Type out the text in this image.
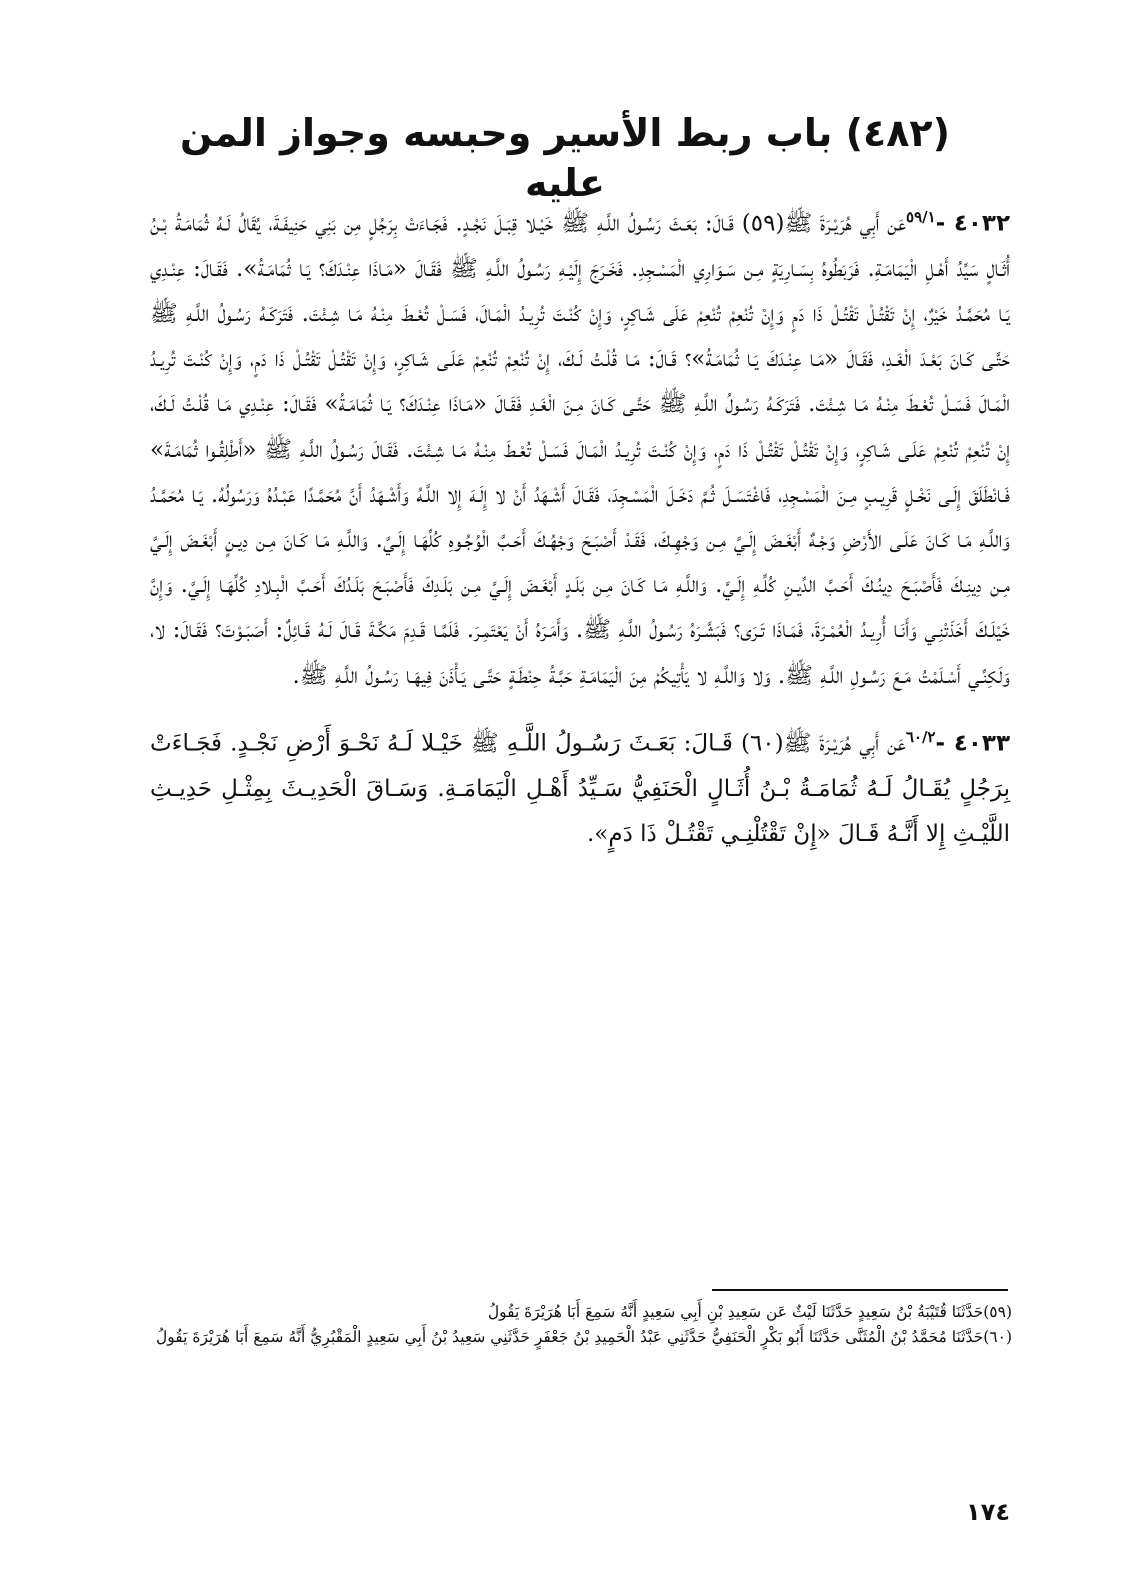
(٤٨٢) باب ربط الأسير وحبسه وجواز المن عليه

٤٠٣٢ -$^{٥٩/١}$عَن أَبِي هُرَيْـرَةَ ﷺ(٥٩) قَـالَ: بَعَـثَ رَسُـولُ اللَّـهِ ﷺ خَيْـلا قِبَـلَ نَجْـدٍ. فَجَـاءَتْ بِرَجُلٍ مِن بَنِي حَنِيفَـةَ، يُقَالُ لَـهُ ثُمَامَـةُ بْـنُ أُثَـالٍ سَيِّدُ أَهْـلِ الْيَمَامَـةِ. فَرَبَطُوهُ بِسَـارِيَةٍ مِـن سَـوَارِي الْمَسْـجِدِ. فَخَـرَجَ إِلَيْـهِ رَسُـولُ اللَّـهِ ﷺ فَقَـالَ «مَـاذَا عِنْـدَكَ؟ يَـا ثُمَامَـةُ». فَقَـالَ: عِنْـدِي يَـا مُحَمَّـدُ خَيْرٌ، إِنْ تَقْتُـلْ تَقْتُـلْ ذَا دَمٍ وَإِنْ تُنْعِمْ تُنْعِمْ عَلَى شَـاكِرٍ، وَإِنْ كُنْـتَ تُرِيـدُ الْمَـالَ، فَسَـلْ تُعْـطَ مِنْـهُ مَـا شِـئْتَ. فَتَرَكَـهُ رَسُـولُ اللَّـهِ ﷺ حَتَّـى كَـانَ بَعْـدَ الْغَـدِ، فَقَـالَ «مَـا عِنْـدَكَ يَـا ثُمَامَـةُ»؟ قَـالَ: مَـا قُلْـتُ لَـكَ، إِنْ تُنْعِمْ تُنْعِمْ عَلَـى شَـاكِرٍ، وَإِنْ تَقْتُـلْ تَقْتُـلْ ذَا دَمٍ، وَإِنْ كُنْـتَ تُرِيـدُ الْمَـالَ فَسَـلْ تُعْـطَ مِنْـهُ مَـا شِـئْتَ. فَتَرَكَـهُ رَسُـولُ اللَّـهِ ﷺ حَتَّـى كَـانَ مِـنَ الْغَـدِ فَقَـالَ «مَـاذَا عِنْـدَكَ؟ يَـا ثُمَامَـةُ» فَقَـالَ: عِنْـدِي مَـا قُلْـتُ لَـكَ، إِنْ تُنْعِمْ تُنْعِمْ عَلَـى شَـاكِرٍ، وَإِنْ تَقْتُـلْ تَقْتُـلْ ذَا دَمٍ، وَإِنْ كُنْـتَ تُرِيـدُ الْمَـالَ فَسَـلْ تُعْـطَ مِنْـهُ مَـا شِـئْتَ. فَقَـالَ رَسُـولُ اللَّـهِ ﷺ «أَطْلِقُـوا ثُمَامَـةَ» فَـانْطَلَقَ إِلَـى نَخْـلٍ قَرِيـبٍ مِـنَ الْمَسْـجِدِ، فَاغْتَسَـلَ ثُـمَّ دَخَـلَ الْمَسْـجِدَ، فَقَـالَ أَشْـهَدُ أَنْ لا إِلَـهَ إِلا اللَّـهُ وَأَشْـهَدُ أَنَّ مُحَمَّـدًا عَبْـدُهُ وَرَسُولُهُ. يَـا مُحَمَّـدُ وَاللَّـهِ مَـا كَـانَ عَلَـى الأَرْضِ وَجْـهٌ أَبْغَـضَ إِلَـيَّ مِـن وَجْهِـكَ، فَقَـدْ أَصْبَـحَ وَجْهُـكَ أَحَـبَّ الْوُجُـوهِ كُلِّهَـا إِلَـيَّ. وَاللَّـهِ مَـا كَـانَ مِـن دِيـنٍ أَبْغَـضَ إِلَـيَّ مِـن دِينِـكَ فَأَصْبَـحَ دِينُـكَ أَحَـبَّ الدِّيـنِ كُلِّـهِ إِلَـيَّ. وَاللَّـهِ مَـا كَـانَ مِـن بَلَـدٍ أَبْغَـضَ إِلَـيَّ مِـن بَلَـدِكَ فَأَصْبَـحَ بَلَـدُكَ أَحَـبَّ الْبِـلادِ كُلِّهَـا إِلَـيَّ. وَإِنَّ خَيْلَـكَ أَخَذَتْنِـي وَأَنَـا أُرِيـدُ الْعُمْـرَةَ، فَمَـاذَا تَـرَى؟ فَبَشَّـرَهُ رَسُـولُ اللَّـهِ ﷺ. وَأَمَـرَهُ أَنْ يَعْتَمِـرَ. فَلَمَّـا قَـدِمَ مَكَّـةَ قَـالَ لَـهُ قَـائِلٌ: أَصَبَـوْتَ؟ فَقَـالَ: لا، وَلَكِنِّـي أَسْـلَمْتُ مَـعَ رَسُـولِ اللَّـهِ ﷺ. وَلا وَاللَّـهِ لا يَأْتِيكُمْ مِنَ الْيَمَامَـةِ حَبَّـةُ حِنْطَـةٍ حَتَّـى يَـأْذَنَ فِيهَـا رَسُـولُ اللَّـهِ ﷺ.

٤٠٣٣ -$^{٦٠/٢}$عَن أَبِي هُرَيْـرَةَ ﷺ(٦٠) قَـالَ: بَعَـثَ رَسُـولُ اللَّـهِ ﷺ خَيْـلا لَـهُ نَحْـوَ أَرْضِ نَجْـدٍ. فَجَـاءَتْ بِرَجُلٍ يُقَـالُ لَـهُ ثُمَامَـةُ بْـنُ أُثَـالٍ الْحَنَفِيُّ سَـيِّدُ أَهْـلِ الْيَمَامَـةِ. وَسَـاقَ الْحَدِيـثَ بِمِثْـلِ حَدِيـثِ اللَّيْـثِ إِلا أَنَّـهُ قَـالَ «إِنْ تَقْتُلْنِـي تَقْتُـلْ ذَا دَمٍ».

(٥٩)حَدَّثَنَا قُتَيْبَةُ بْنُ سَعِيدٍ حَدَّثَنَا لَيْثٌ عَن سَعِيدِ بْنِ أَبِي سَعِيدٍ أَنَّهُ سَمِعَ أَبَا هُرَيْرَةَ يَقُولُ

(٦٠)حَدَّثَنَا مُحَمَّدُ بْنُ الْمُثَنَّى حَدَّثَنَا أَبُو بَكْرٍ الْحَنَفِيُّ حَدَّثَنِي عَبْدُ الْحَمِيدِ بْنُ جَعْفَرٍ حَدَّثَنِي سَعِيدُ بْنُ أَبِي سَعِيدٍ الْمَقْبُرِيُّ أَنَّهُ سَمِعَ أَبَا هُرَيْرَةَ يَقُولُ

١٧٤
